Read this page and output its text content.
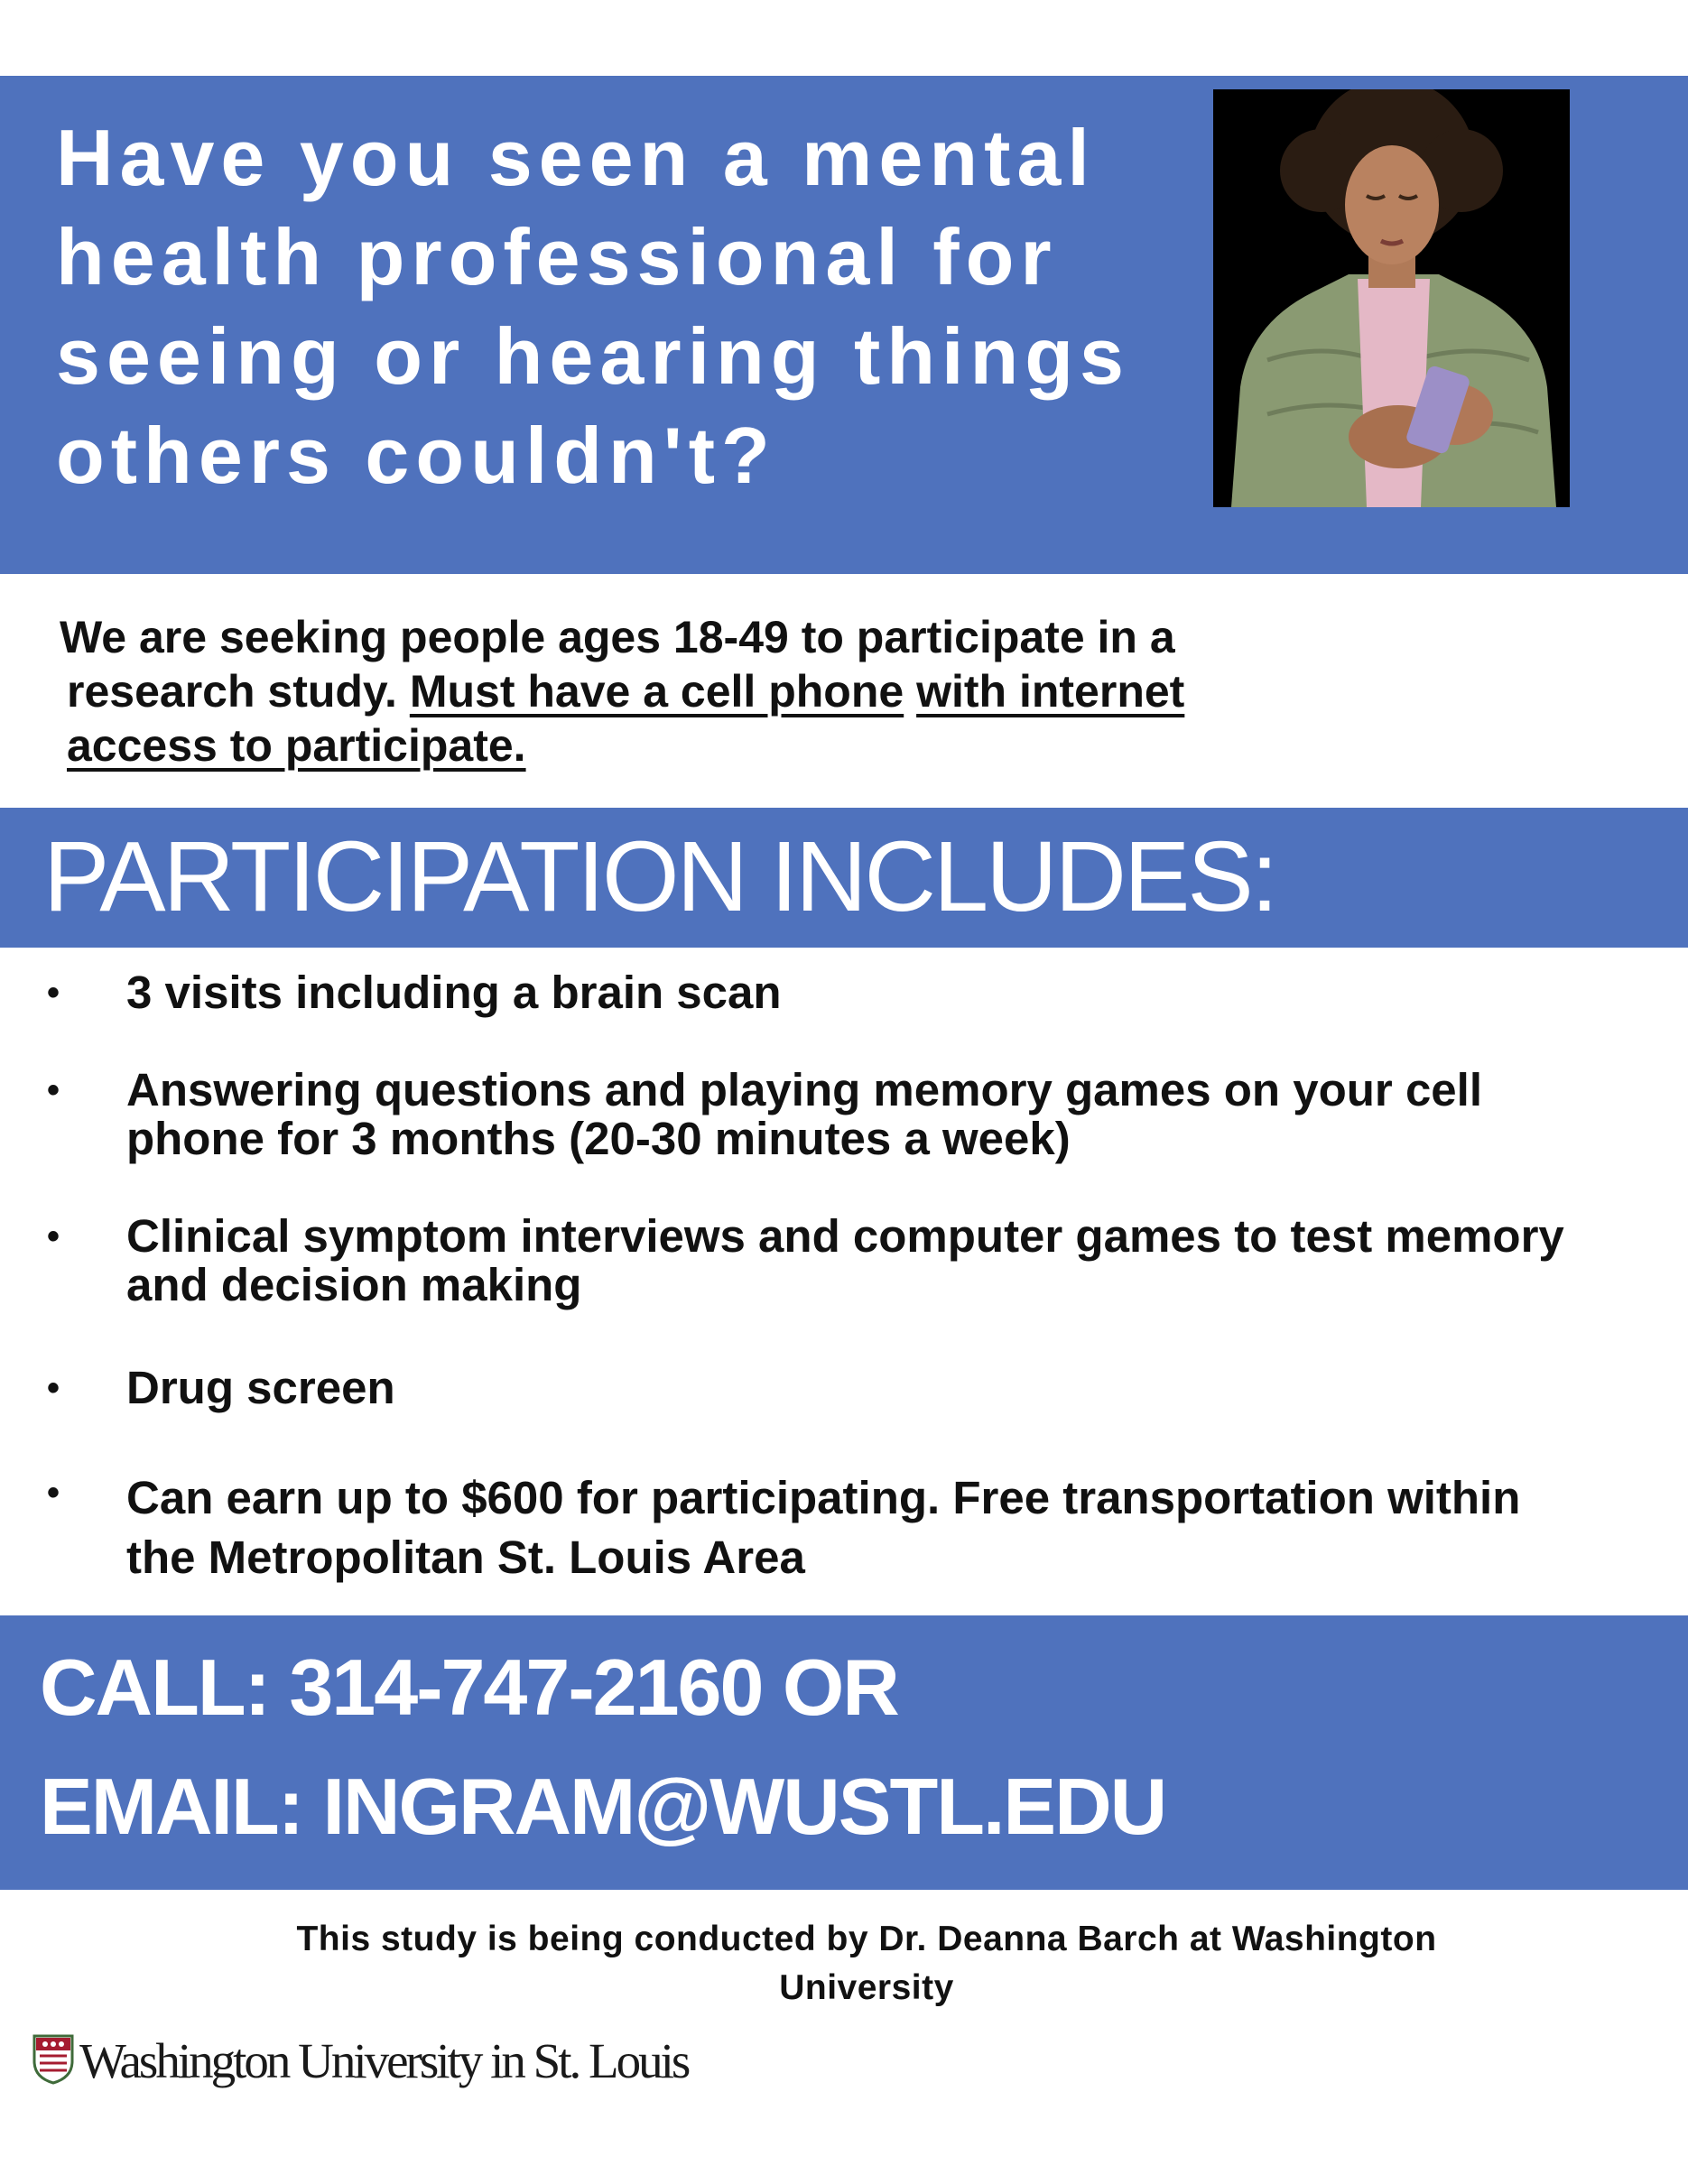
Have you seen a mental health professional for seeing or hearing things others couldn't?
We are seeking people ages 18-49 to participate in a
research study. Must have a cell phone with internet
access to participate.
PARTICIPATION INCLUDES:
•	3 visits including a brain scan
•	Answering questions and playing memory games on your cell phone for 3 months (20-30 minutes a week)
•	Clinical symptom interviews and computer games to test memory and decision making
•	Drug screen
•	Can earn up to $600 for participating. Free transportation within the Metropolitan St. Louis Area
CALL: 314-747-2160 OR
EMAIL: INGRAM@WUSTL.EDU
This study is being conducted by Dr. Deanna Barch at Washington University
Washington University in St. Louis
